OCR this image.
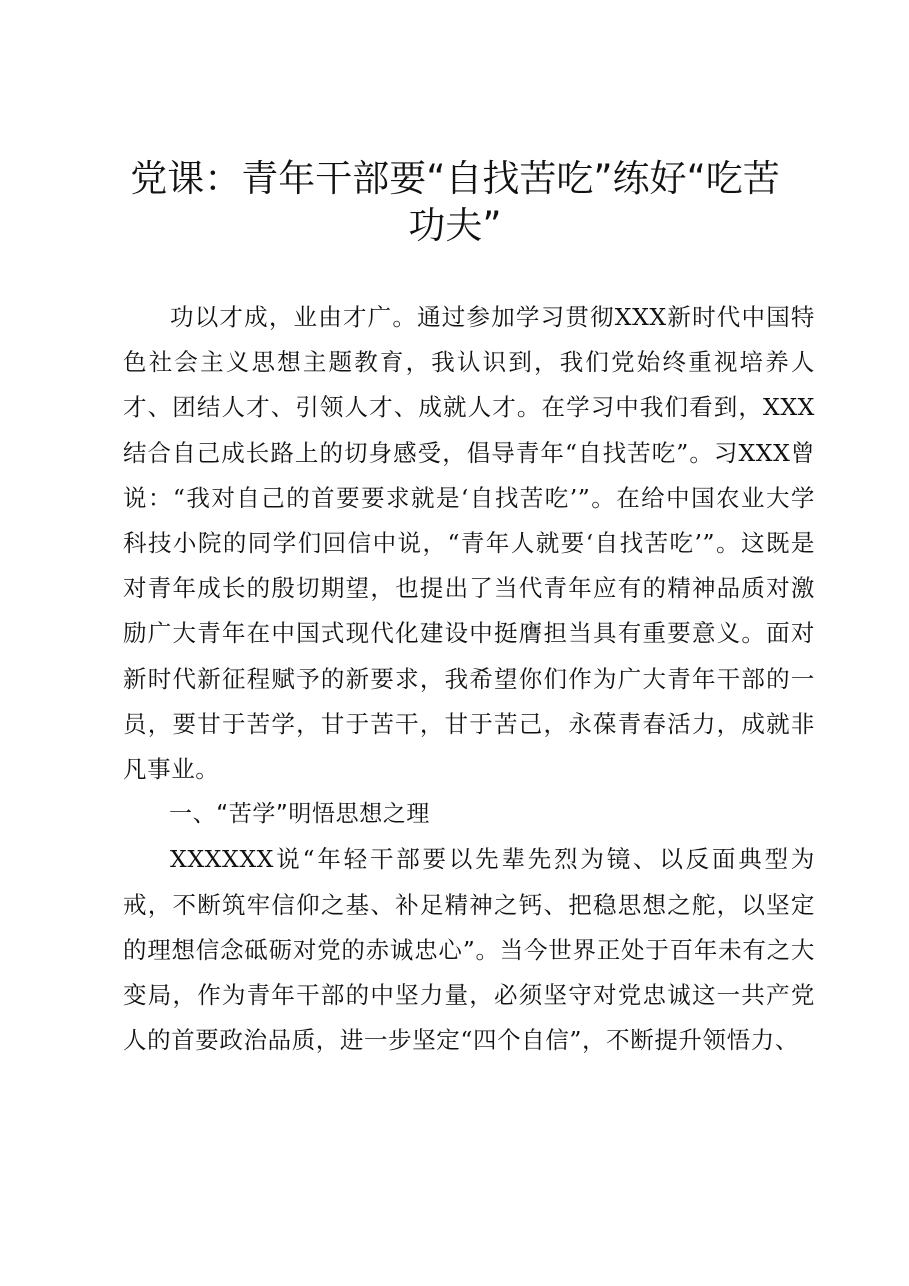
党课：青年干部要“自找苦吃”练好“吃苦功夫”

功以才成，业由才广。通过参加学习贯彻XXX新时代中国特色社会主义思想主题教育，我认识到，我们党始终重视培养人才、团结人才、引领人才、成就人才。在学习中我们看到，XXX结合自己成长路上的切身感受，倡导青年“自找苦吃”。习XXX曾说：“我对自己的首要要求就是‘自找苦吃’”。在给中国农业大学科技小院的同学们回信中说，“青年人就要‘自找苦吃’”。这既是对青年成长的殷切期望，也提出了当代青年应有的精神品质对激励广大青年在中国式现代化建设中挺膺担当具有重要意义。面对新时代新征程赋予的新要求，我希望你们作为广大青年干部的一员，要甘于苦学，甘于苦干，甘于苦己，永葆青春活力，成就非凡事业。

一、“苦学”明悟思想之理

XXXXXX说“年轻干部要以先辈先烈为镜、以反面典型为戒，不断筑牢信仰之基、补足精神之钙、把稳思想之舵，以坚定的理想信念砥砺对党的赤诚忠心”。当今世界正处于百年未有之大变局，作为青年干部的中坚力量，必须坚守对党忠诚这一共产党人的首要政治品质，进一步坚定“四个自信”，不断提升领悟力、
